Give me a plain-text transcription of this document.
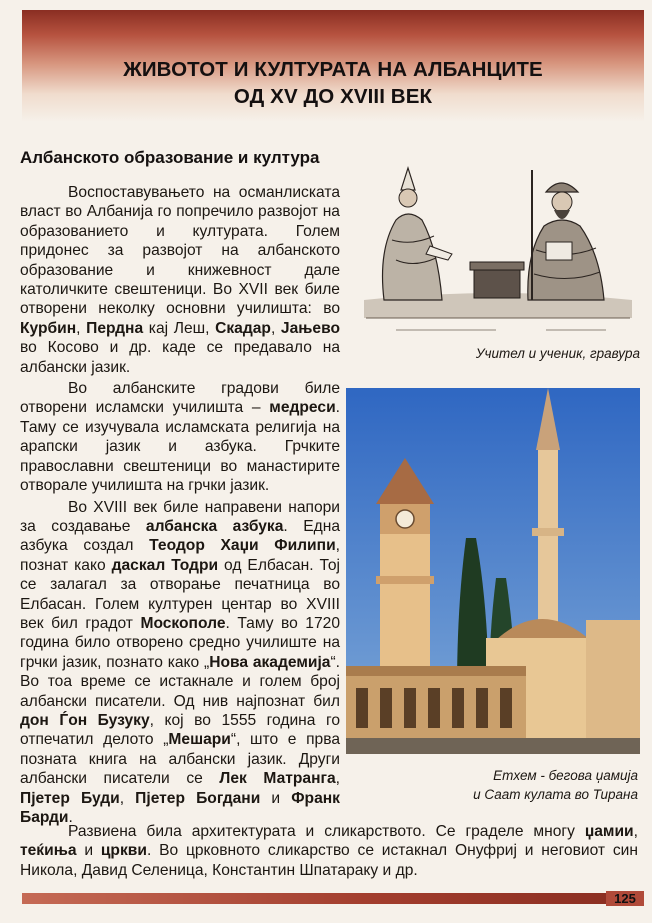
ЖИВОТОТ И КУЛТУРАТА НА АЛБАНЦИТЕ
ОД XV ДО XVIII ВЕК
Албанското образование и култура

Воспоставувањето на османлиската власт во Албанија го попречило развојот на образованието и културата. Голем придонес за развојот на албанското образование и книжевност дале католичките свештеници. Во XVII век биле отворени неколку основни училишта: во Курбин, Пердна кај Леш, Скадар, Јањево во Косово и др. каде се предавало на албански јазик.

Во албанските градови биле отворени исламски училишта – медреси. Таму се изучувала исламската религија на арапски јазик и азбука. Грчките православни свештеници во манастирите отворале училишта на грчки јазик.

Во XVIII век биле направени напори за создавање албанска азбука. Една азбука создал Теодор Хаџи Филипи, познат како даскал Тодри од Елбасан. Тој се залагал за отворање печатница во Елбасан. Голем културен центар во XVIII век бил градот Москополе. Таму во 1720 година било отворено средно училиште на грчки јазик, познато како „Нова академија“. Во тоа време се истакнале и голем број албански писатели. Од нив најпознат бил дон Ѓон Бузуку, кој во 1555 година го отпечатил делото „Мешари“, што е прва позната книга на албански јазик. Други албански писатели се Лек Матранга, Пјетер Буди, Пјетер Богдани и Франк Барди.

Учител и ученик, гравура
Етхем - бегова џамија
и Саат кулата во Тирана

Развиена била архитектурата и сликарството. Се граделе многу џамии, теќиња и цркви. Во црковното сликарство се истакнал Онуфриј и неговиот син Никола, Давид Селеница, Константин Шпатараку и др.

125
